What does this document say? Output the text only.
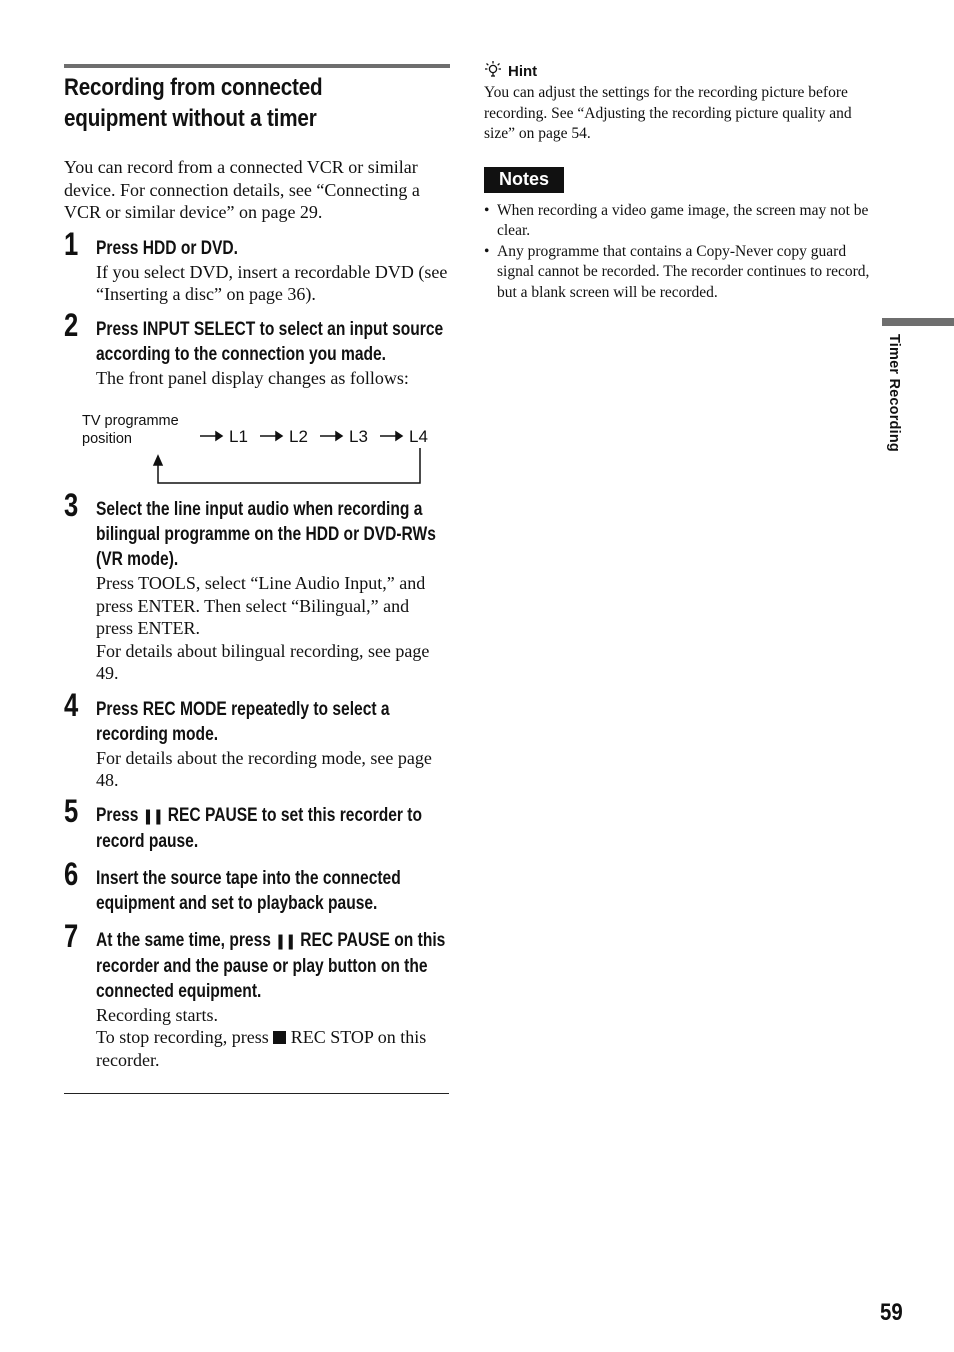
Recording from connected
equipment without a timer
You can record from a connected VCR or similar device. For connection details, see “Connecting a VCR or similar device” on page 29.
1 Press HDD or DVD.
If you select DVD, insert a recordable DVD (see “Inserting a disc” on page 36).
2 Press INPUT SELECT to select an input source according to the connection you made.
The front panel display changes as follows:
3 Select the line input audio when recording a bilingual programme on the HDD or DVD-RWs (VR mode).
Press TOOLS, select “Line Audio Input,” and press ENTER. Then select “Bilingual,” and press ENTER.
For details about bilingual recording, see page 49.
4 Press REC MODE repeatedly to select a recording mode.
For details about the recording mode, see page 48.
5 Press ❚❚ REC PAUSE to set this recorder to record pause.
6 Insert the source tape into the connected equipment and set to playback pause.
7 At the same time, press ❚❚ REC PAUSE on this recorder and the pause or play button on the connected equipment.
Recording starts.
To stop recording, press REC STOP on this recorder.
TV programme
position	L1 L2 L3 L4
Hint
You can adjust the settings for the recording picture before recording. See “Adjusting the recording picture quality and size” on page 54.
Notes
• When recording a video game image, the screen may not be clear.
• Any programme that contains a Copy-Never copy guard signal cannot be recorded. The recorder continues to record, but a blank screen will be recorded.
Timer Recording
59
